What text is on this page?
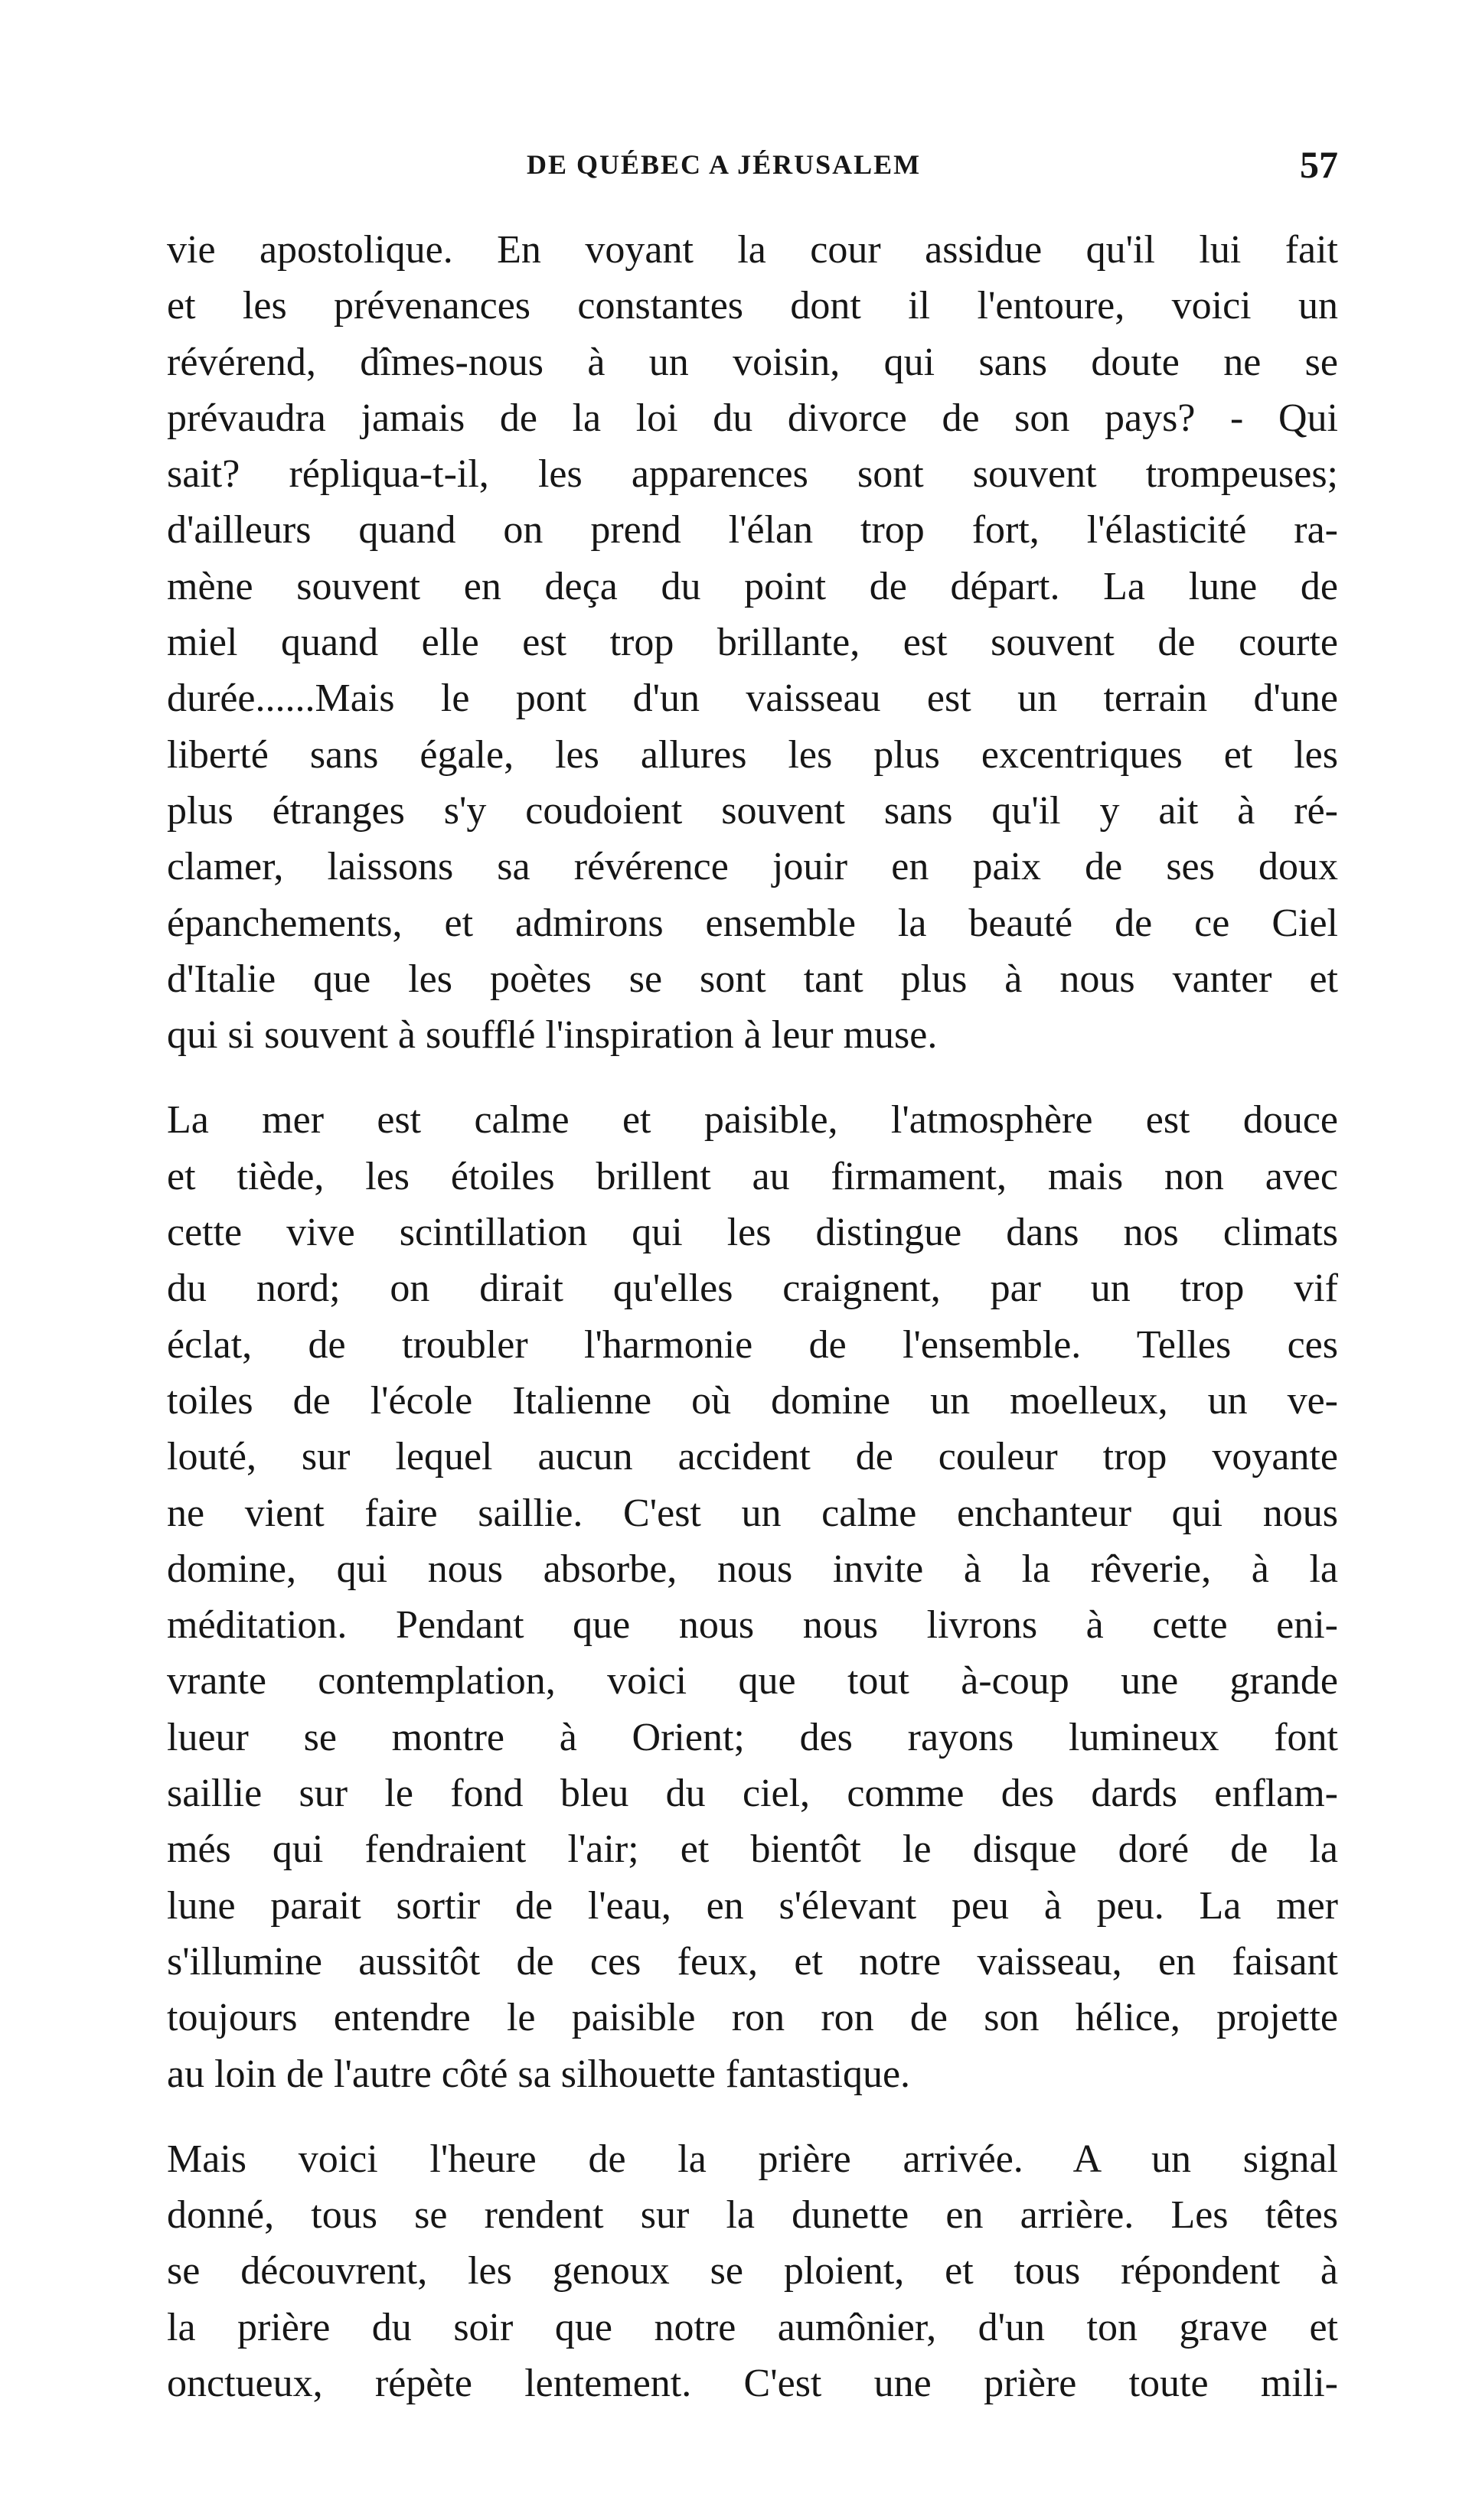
DE QUÉBEC A JÉRUSALEM	57
vie apostolique. En voyant la cour assidue qu'il lui fait
et les prévenances constantes dont il l'entoure, voici un
révérend, dîmes-nous à un voisin, qui sans doute ne se
prévaudra jamais de la loi du divorce de son pays? - Qui
sait? répliqua-t-il, les apparences sont souvent trompeuses;
d'ailleurs quand on prend l'élan trop fort, l'élasticité ra-
mène souvent en deça du point de départ. La lune de
miel quand elle est trop brillante, est souvent de courte
durée......Mais le pont d'un vaisseau est un terrain d'une
liberté sans égale, les allures les plus excentriques et les
plus étranges s'y coudoient souvent sans qu'il y ait à ré-
clamer, laissons sa révérence jouir en paix de ses doux
épanchements, et admirons ensemble la beauté de ce Ciel
d'Italie que les poètes se sont tant plus à nous vanter et
qui si souvent à soufflé l'inspiration à leur muse.
La mer est calme et paisible, l'atmosphère est douce
et tiède, les étoiles brillent au firmament, mais non avec
cette vive scintillation qui les distingue dans nos climats
du nord; on dirait qu'elles craignent, par un trop vif
éclat, de troubler l'harmonie de l'ensemble. Telles ces
toiles de l'école Italienne où domine un moelleux, un ve-
louté, sur lequel aucun accident de couleur trop voyante
ne vient faire saillie. C'est un calme enchanteur qui nous
domine, qui nous absorbe, nous invite à la rêverie, à la
méditation. Pendant que nous nous livrons à cette eni-
vrante contemplation, voici que tout à-coup une grande
lueur se montre à Orient; des rayons lumineux font
saillie sur le fond bleu du ciel, comme des dards enflam-
més qui fendraient l'air; et bientôt le disque doré de la
lune parait sortir de l'eau, en s'élevant peu à peu. La mer
s'illumine aussitôt de ces feux, et notre vaisseau, en faisant
toujours entendre le paisible ron ron de son hélice, projette
au loin de l'autre côté sa silhouette fantastique.
Mais voici l'heure de la prière arrivée. A un signal
donné, tous se rendent sur la dunette en arrière. Les têtes
se découvrent, les genoux se ploient, et tous répondent à
la prière du soir que notre aumônier, d'un ton grave et
onctueux, répète lentement. C'est une prière toute mili-
